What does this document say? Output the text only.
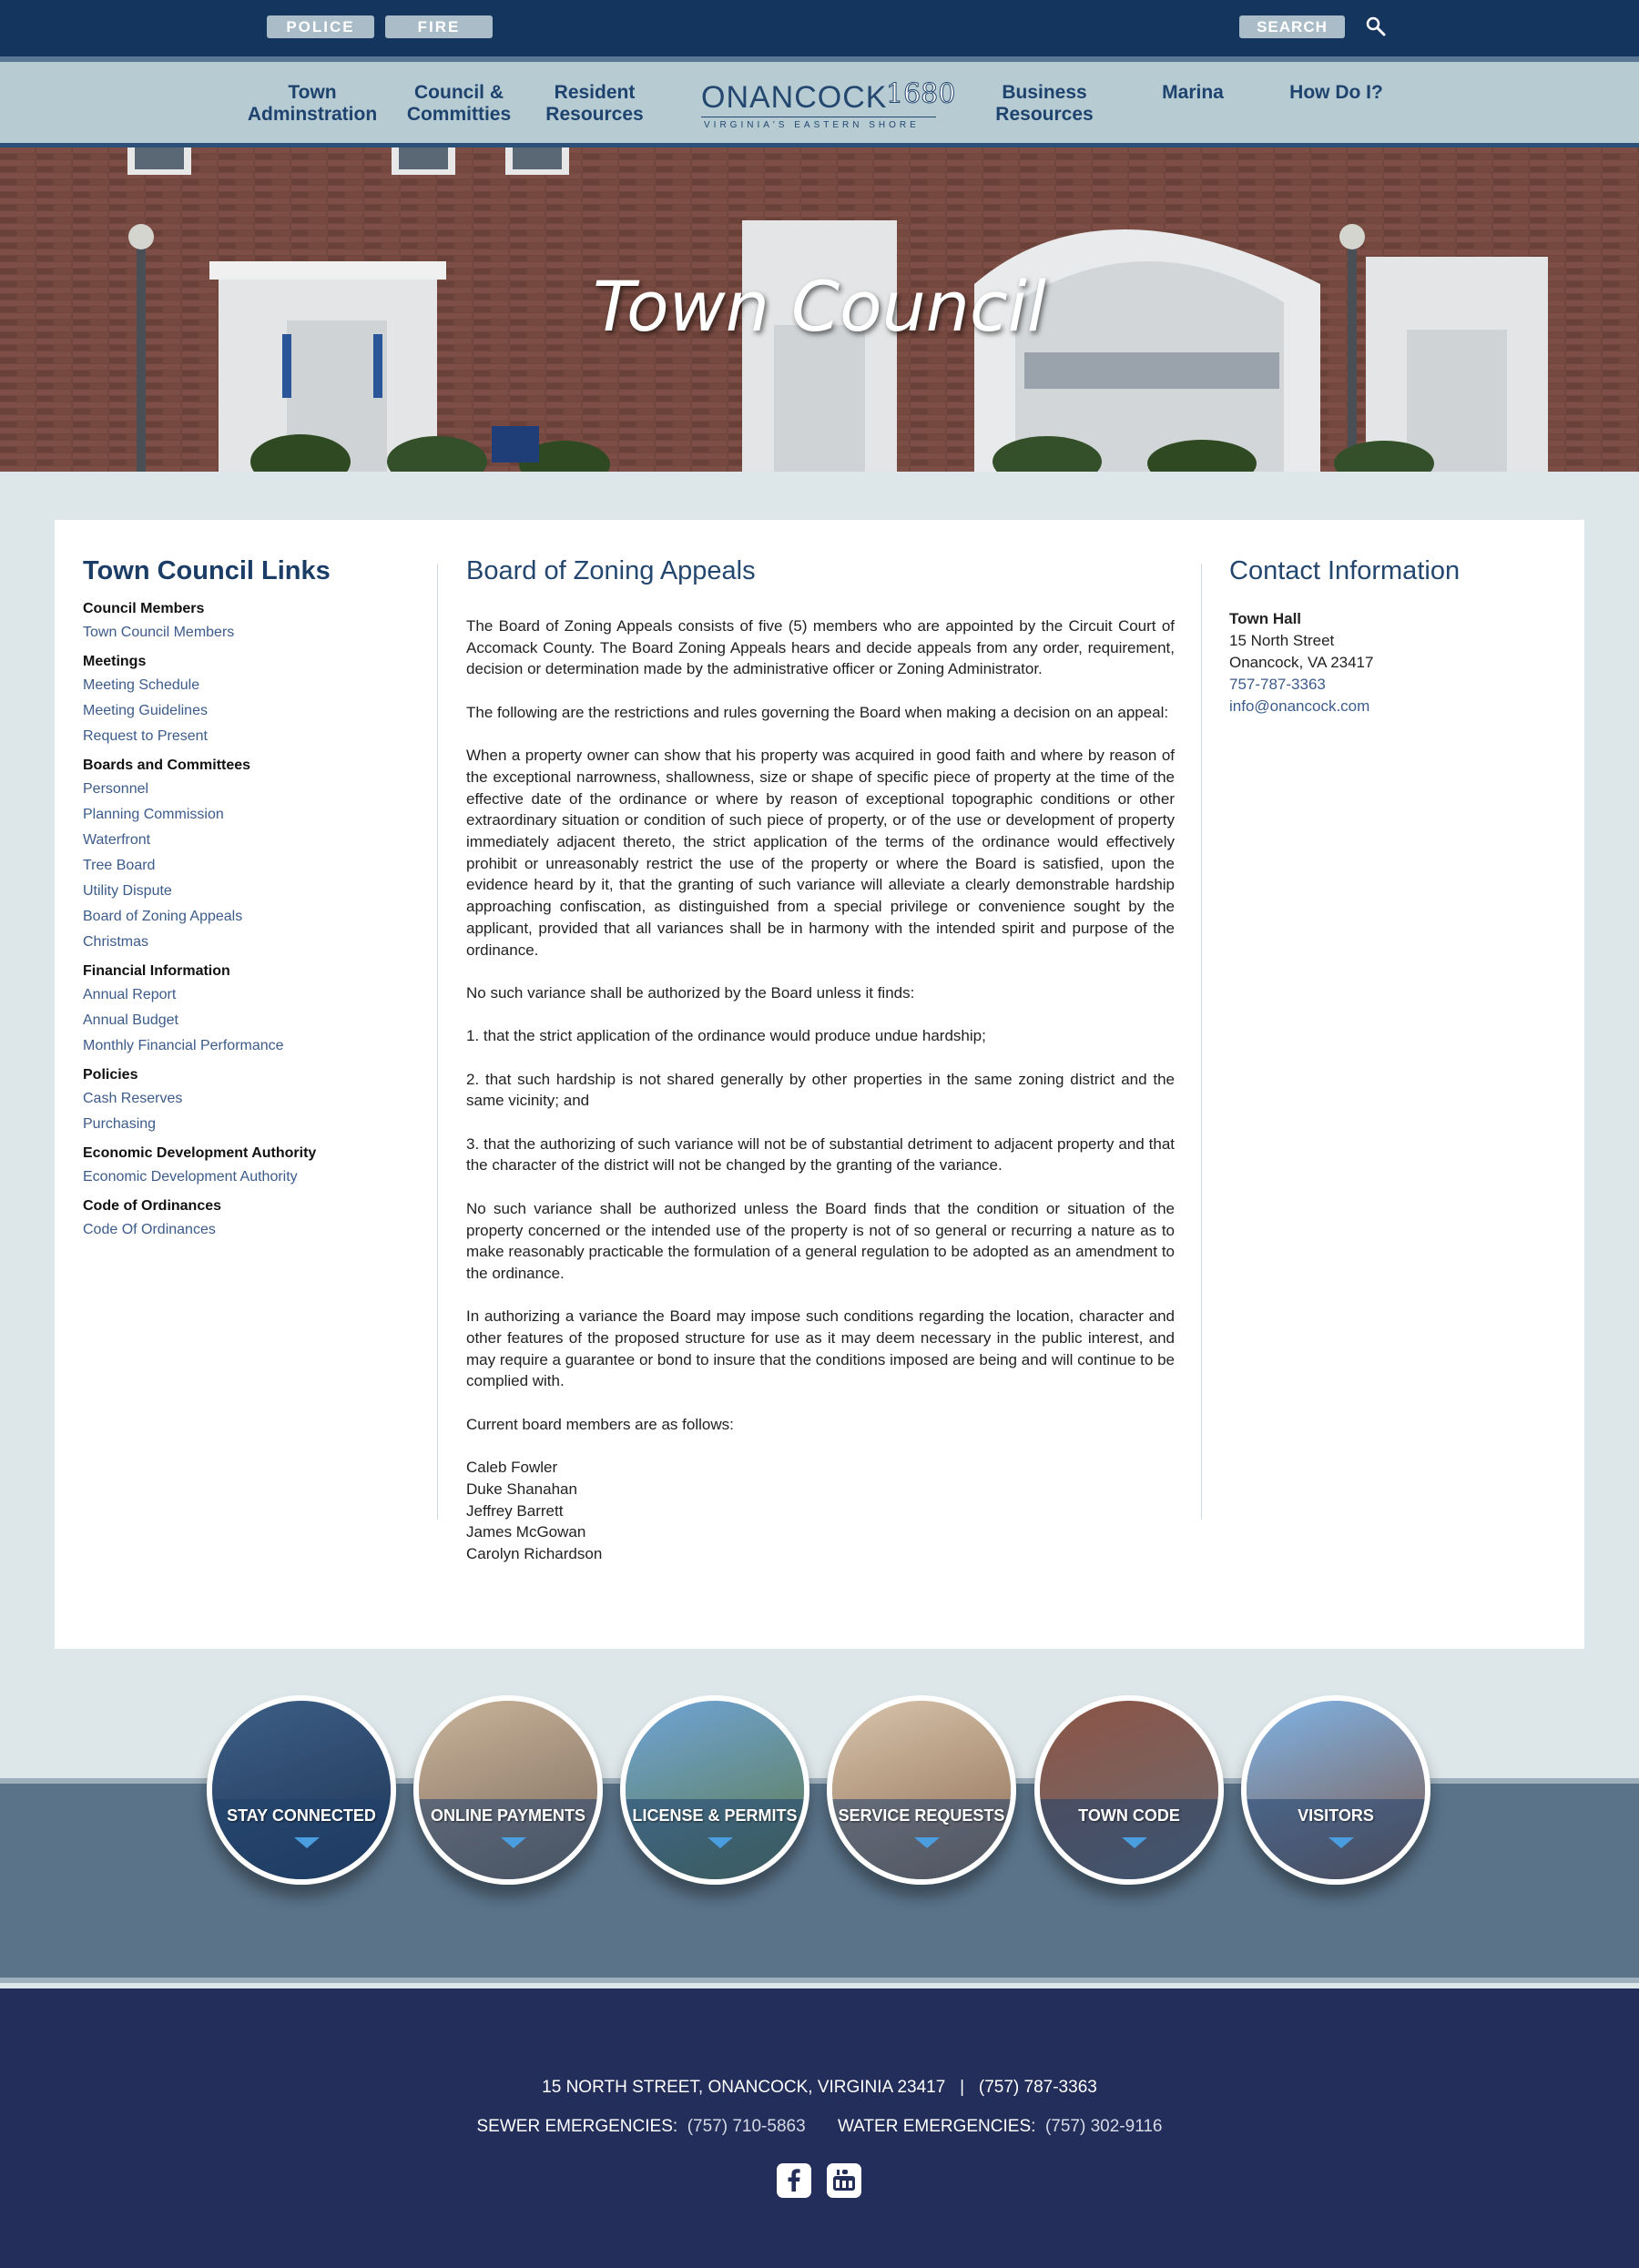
POLICE	FIRE	SEARCH
Town
Adminstration
Council &
Committies
Resident
Resources	ONANCOCK
1680
VIRGINIA'S EASTERN SHORE
Business
Resources
Marina	How Do I?
Town Council
Town Council Links
Council Members
Town Council Members
Meetings
Meeting Schedule
Meeting Guidelines
Request to Present
Boards and Committees
Personnel
Planning Commission
Waterfront
Tree Board
Utility Dispute
Board of Zoning Appeals
Christmas
Financial Information
Annual Report
Annual Budget
Monthly Financial Performance
Policies
Cash Reserves
Purchasing
Economic Development Authority
Economic Development Authority
Code of Ordinances
Code Of Ordinances
Board of Zoning Appeals

The Board of Zoning Appeals consists of five (5) members who are appointed by the Circuit Court of Accomack County. The Board Zoning Appeals hears and decide appeals from any order, requirement, decision or determination made by the administrative officer or Zoning Administrator.

The following are the restrictions and rules governing the Board when making a decision on an appeal:

When a property owner can show that his property was acquired in good faith and where by reason of the exceptional narrowness, shallowness, size or shape of specific piece of property at the time of the effective date of the ordinance or where by reason of exceptional topographic conditions or other extraordinary situation or condition of such piece of property, or of the use or development of property immediately adjacent thereto, the strict application of the terms of the ordinance would effectively prohibit or unreasonably restrict the use of the property or where the Board is satisfied, upon the evidence heard by it, that the granting of such variance will alleviate a clearly demonstrable hardship approaching confiscation, as distinguished from a special privilege or convenience sought by the applicant, provided that all variances shall be in harmony with the intended spirit and purpose of the ordinance.

No such variance shall be authorized by the Board unless it finds:

1. that the strict application of the ordinance would produce undue hardship;

2. that such hardship is not shared generally by other properties in the same zoning district and the same vicinity; and

3. that the authorizing of such variance will not be of substantial detriment to adjacent property and that the character of the district will not be changed by the granting of the variance.

No such variance shall be authorized unless the Board finds that the condition or situation of the property concerned or the intended use of the property is not of so general or recurring a nature as to make reasonably practicable the formulation of a general regulation to be adopted as an amendment to the ordinance.

In authorizing a variance the Board may impose such conditions regarding the location, character and other features of the proposed structure for use as it may deem necessary in the public interest, and may require a guarantee or bond to insure that the conditions imposed are being and will continue to be complied with.

Current board members are as follows:

Caleb Fowler
Duke Shanahan
Jeffrey Barrett
James McGowan
Carolyn Richardson
Contact Information
Town Hall
15 North Street
Onancock, VA 23417
757-787-3363
info@onancock.com
STAY CONNECTED	ONLINE PAYMENTS	LICENSE & PERMITS	SERVICE REQUESTS	TOWN CODE	VISITORS
15 NORTH STREET, ONANCOCK, VIRGINIA 23417   |   (757) 787-3363
SEWER EMERGENCIES: (757) 710-5863 WATER EMERGENCIES: (757) 302-9116
